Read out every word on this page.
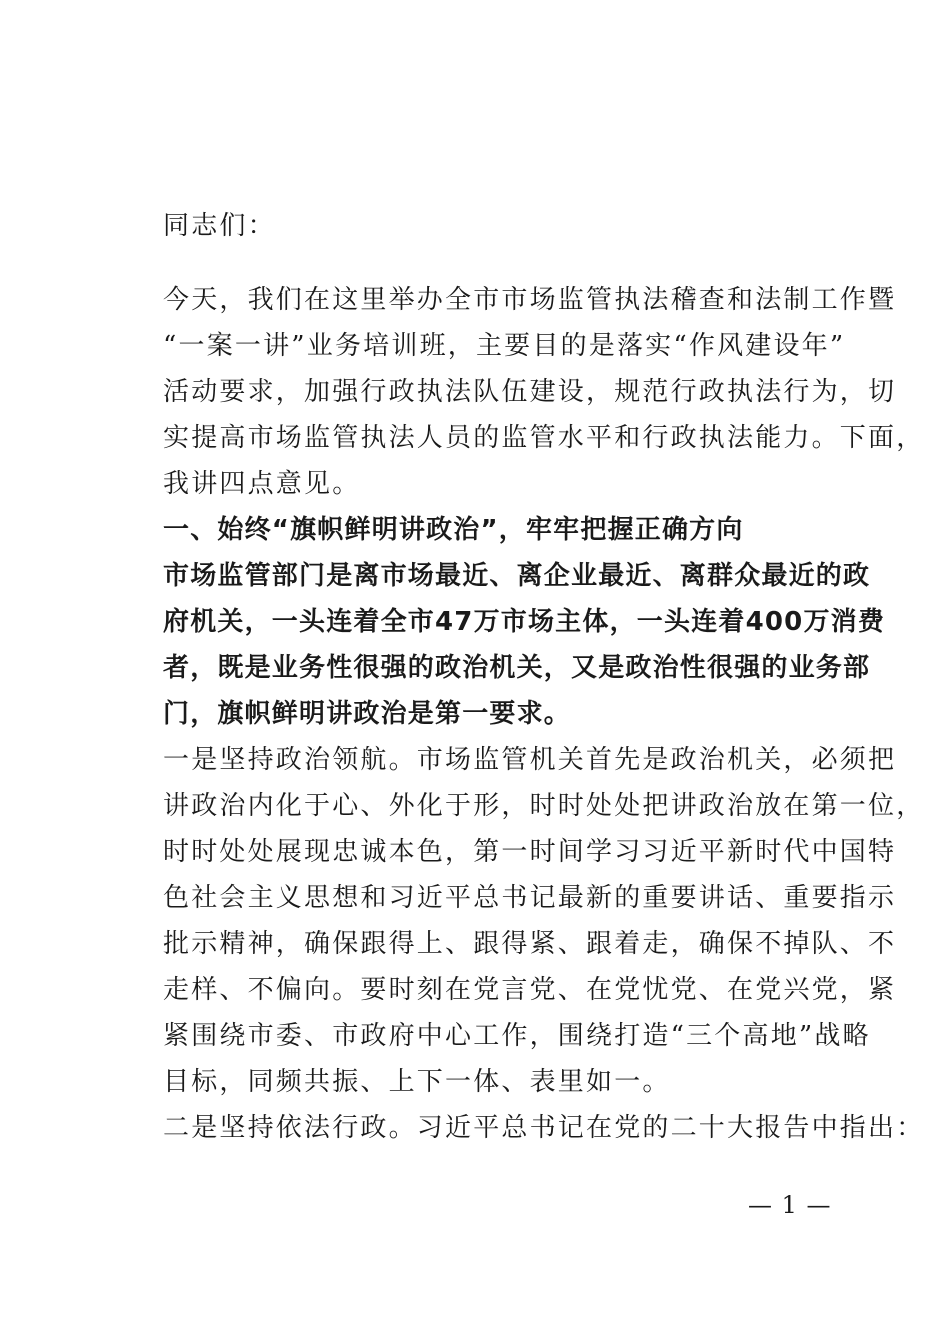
同志们：
今天，我们在这里举办全市市场监管执法稽查和法制工作暨
“一案一讲”业务培训班，主要目的是落实“作风建设年”
活动要求，加强行政执法队伍建设，规范行政执法行为，切
实提高市场监管执法人员的监管水平和行政执法能力。下面，
我讲四点意见。
一、始终“旗帜鲜明讲政治”，牢牢把握正确方向
市场监管部门是离市场最近、离企业最近、离群众最近的政
府机关，一头连着全市47万市场主体，一头连着400万消费
者，既是业务性很强的政治机关，又是政治性很强的业务部
门，旗帜鲜明讲政治是第一要求。
一是坚持政治领航。市场监管机关首先是政治机关，必须把
讲政治内化于心、外化于形，时时处处把讲政治放在第一位，
时时处处展现忠诚本色，第一时间学习习近平新时代中国特
色社会主义思想和习近平总书记最新的重要讲话、重要指示
批示精神，确保跟得上、跟得紧、跟着走，确保不掉队、不
走样、不偏向。要时刻在党言党、在党忧党、在党兴党，紧
紧围绕市委、市政府中心工作，围绕打造“三个高地”战略
目标，同频共振、上下一体、表里如一。
二是坚持依法行政。习近平总书记在党的二十大报告中指出：
— 1 —
